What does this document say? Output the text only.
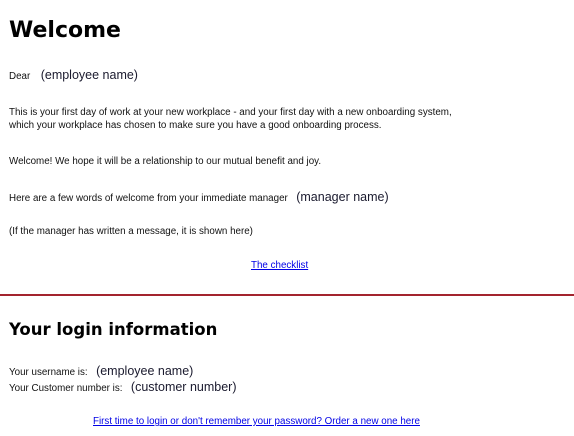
Welcome
Dear (employee name)
This is your first day of work at your new workplace - and your first day with a new onboarding system,
which your workplace has chosen to make sure you have a good onboarding process.
Welcome! We hope it will be a relationship to our mutual benefit and joy.
Here are a few words of welcome from your immediate manager (manager name)
(If the manager has written a message, it is shown here)
The checklist
Your login information
Your username is: (employee name)
Your Customer number is: (customer number)
First time to login or don't remember your password? Order a new one here
